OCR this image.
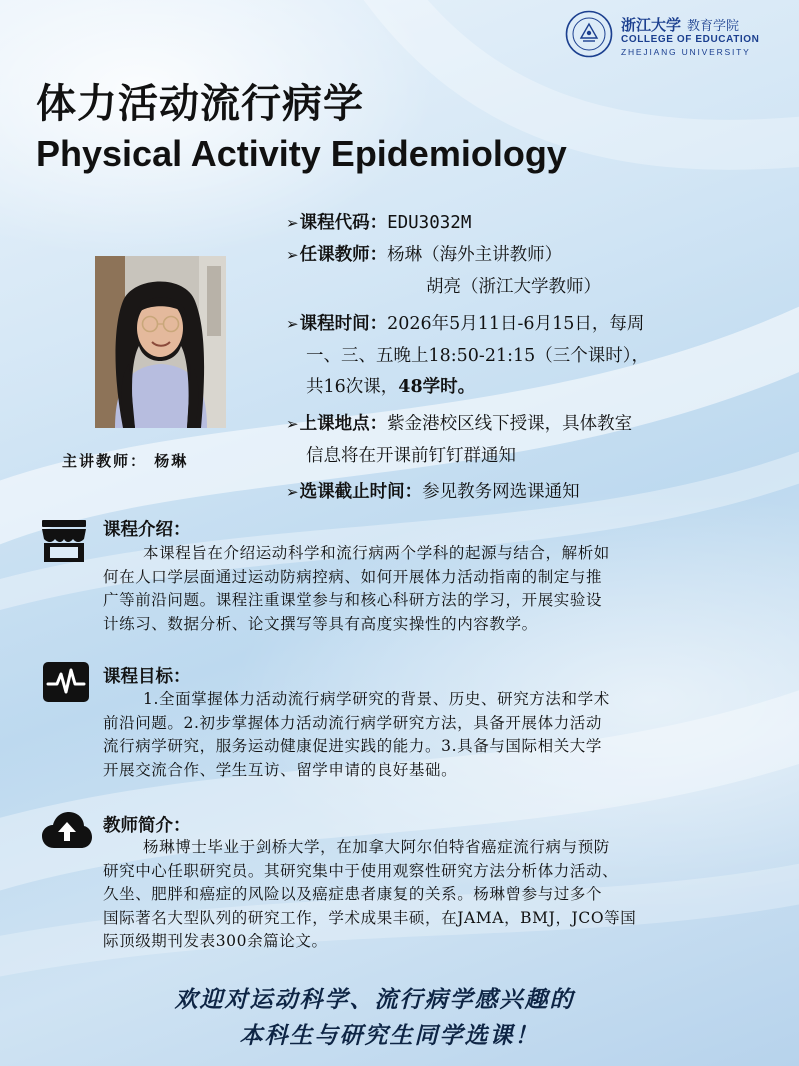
浙江大学 教育学院
COLLEGE OF EDUCATION
ZHEJIANG UNIVERSITY
体力活动流行病学
Physical Activity Epidemiology
主讲教师： 杨琳
➢课程代码：EDU3032M
➢任课教师：杨琳（海外主讲教师）
胡亮（浙江大学教师）
➢课程时间：2026年5月11日-6月15日，每周
一、三、五晚上18:50-21:15（三个课时），
共16次课，48学时。
➢上课地点：紫金港校区线下授课，具体教室
信息将在开课前钉钉群通知
➢选课截止时间：参见教务网选课通知
课程介绍：
本课程旨在介绍运动科学和流行病两个学科的起源与结合，解析如
何在人口学层面通过运动防病控病、如何开展体力活动指南的制定与推
广等前沿问题。课程注重课堂参与和核心科研方法的学习，开展实验设
计练习、数据分析、论文撰写等具有高度实操性的内容教学。
课程目标：
1.全面掌握体力活动流行病学研究的背景、历史、研究方法和学术
前沿问题。2.初步掌握体力活动流行病学研究方法，具备开展体力活动
流行病学研究，服务运动健康促进实践的能力。3.具备与国际相关大学
开展交流合作、学生互访、留学申请的良好基础。
教师简介：
杨琳博士毕业于剑桥大学，在加拿大阿尔伯特省癌症流行病与预防
研究中心任职研究员。其研究集中于使用观察性研究方法分析体力活动、
久坐、肥胖和癌症的风险以及癌症患者康复的关系。杨琳曾参与过多个
国际著名大型队列的研究工作，学术成果丰硕，在JAMA，BMJ，JCO等国
际顶级期刊发表300余篇论文。
欢迎对运动科学、流行病学感兴趣的
本科生与研究生同学选课！
